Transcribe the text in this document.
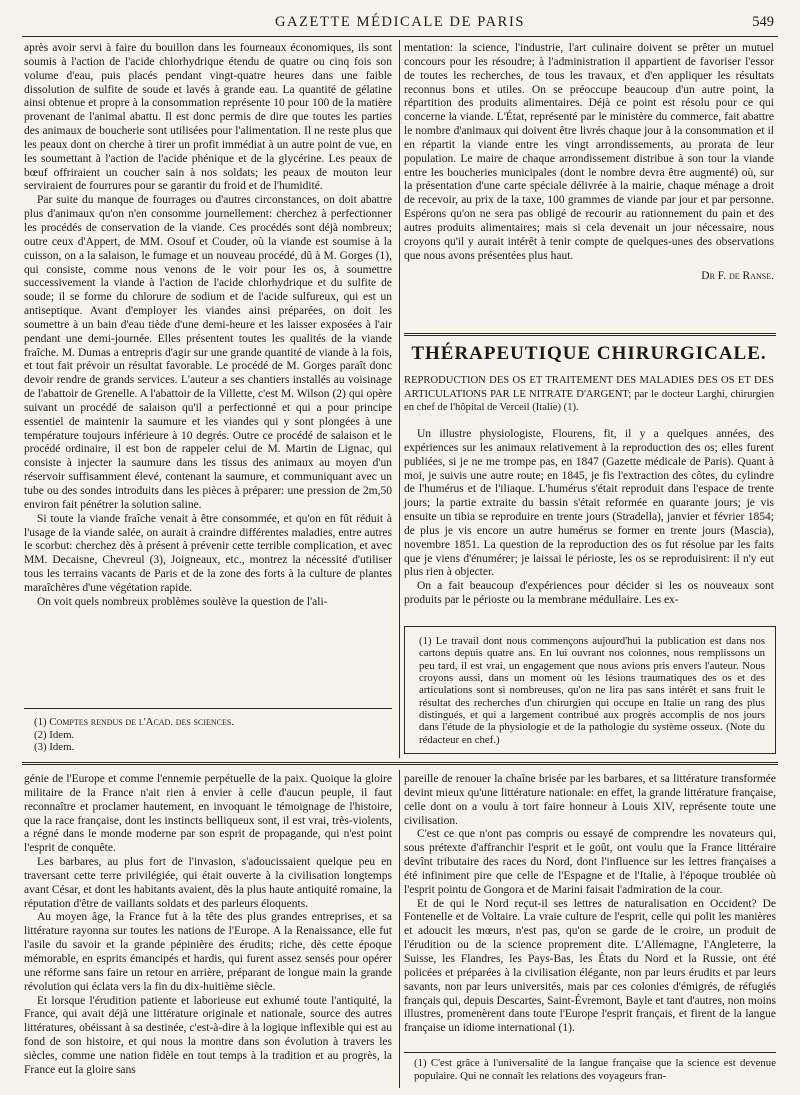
GAZETTE MÉDICALE DE PARIS	549

après avoir servi à faire du bouillon dans les fourneaux économiques, ils sont soumis à l'action de l'acide chlorhydrique étendu de quatre ou cinq fois son volume d'eau, puis placés pendant vingt-quatre heures dans une faible dissolution de sulfite de soude et lavés à grande eau. La quantité de gélatine ainsi obtenue et propre à la consommation représente 10 pour 100 de la matière provenant de l'animal abattu. Il est donc permis de dire que toutes les parties des animaux de boucherie sont utilisées pour l'alimentation. Il ne reste plus que les peaux dont on cherche à tirer un profit immédiat à un autre point de vue, en les soumettant à l'action de l'acide phénique et de la glycérine. Les peaux de bœuf offriraient un coucher sain à nos soldats; les peaux de mouton leur serviraient de fourrures pour se garantir du froid et de l'humidité.

Par suite du manque de fourrages ou d'autres circonstances, on doit abattre plus d'animaux qu'on n'en consomme journellement: cherchez à perfectionner les procédés de conservation de la viande. Ces procédés sont déjà nombreux; outre ceux d'Appert, de MM. Osouf et Couder, où la viande est soumise à la cuisson, on a la salaison, le fumage et un nouveau procédé, dû à M. Gorges (1), qui consiste, comme nous venons de le voir pour les os, à soumettre successivement la viande à l'action de l'acide chlorhydrique et du sulfite de soude; il se forme du chlorure de sodium et de l'acide sulfureux, qui est un antiseptique. Avant d'employer les viandes ainsi préparées, on doit les soumettre à un bain d'eau tiède d'une demi-heure et les laisser exposées à l'air pendant une demi-journée. Elles présentent toutes les qualités de la viande fraîche. M. Dumas a entrepris d'agir sur une grande quantité de viande à la fois, et tout fait prévoir un résultat favorable. Le procédé de M. Gorges paraît donc devoir rendre de grands services. L'auteur a ses chantiers installés au voisinage de l'abattoir de Grenelle. A l'abattoir de la Villette, c'est M. Wilson (2) qui opère suivant un procédé de salaison qu'il a perfectionné et qui a pour principe essentiel de maintenir la saumure et les viandes qui y sont plongées à une température toujours inférieure à 10 degrés. Outre ce procédé de salaison et le procédé ordinaire, il est bon de rappeler celui de M. Martin de Lignac, qui consiste à injecter la saumure dans les tissus des animaux au moyen d'un réservoir suffisamment élevé, contenant la saumure, et communiquant avec un tube ou des sondes introduits dans les pièces à préparer: une pression de 2m,50 environ fait pénétrer la solution saline.

Si toute la viande fraîche venait à être consommée, et qu'on en fût réduit à l'usage de la viande salée, on aurait à craindre différentes maladies, entre autres le scorbut: cherchez dès à présent à prévenir cette terrible complication, et avec MM. Decaisne, Chevreul (3), Joigneaux, etc., montrez la nécessité d'utiliser tous les terrains vacants de Paris et de la zone des forts à la culture de plantes maraîchères d'une végétation rapide.

On voit quels nombreux problèmes soulève la question de l'ali-

(1) Comptes rendus de l'Acad. des sciences.

(2) Idem.

(3) Idem.

mentation: la science, l'industrie, l'art culinaire doivent se prêter un mutuel concours pour les résoudre; à l'administration il appartient de favoriser l'essor de toutes les recherches, de tous les travaux, et d'en appliquer les résultats reconnus bons et utiles. On se préoccupe beaucoup d'un autre point, la répartition des produits alimentaires. Déjà ce point est résolu pour ce qui concerne la viande. L'État, représenté par le ministère du commerce, fait abattre le nombre d'animaux qui doivent être livrés chaque jour à la consommation et il en répartit la viande entre les vingt arrondissements, au prorata de leur population. Le maire de chaque arrondissement distribue à son tour la viande entre les boucheries municipales (dont le nombre devra être augmenté) où, sur la présentation d'une carte spéciale délivrée à la mairie, chaque ménage a droit de recevoir, au prix de la taxe, 100 grammes de viande par jour et par personne. Espérons qu'on ne sera pas obligé de recourir au rationnement du pain et des autres produits alimentaires; mais si cela devenait un jour nécessaire, nous croyons qu'il y aurait intérêt à tenir compte de quelques-unes des observations que nous avons présentées plus haut.

Dr F. de Ranse.

THÉRAPEUTIQUE CHIRURGICALE.
REPRODUCTION DES OS ET TRAITEMENT DES MALADIES DES OS ET DES ARTICULATIONS PAR LE NITRATE D'ARGENT; par le docteur Larghi, chirurgien en chef de l'hôpital de Verceil (Italie) (1).

Un illustre physiologiste, Flourens, fit, il y a quelques années, des expériences sur les animaux relativement à la reproduction des os; elles furent publiées, si je ne me trompe pas, en 1847 (Gazette médicale de Paris). Quant à moi, je suivis une autre route; en 1845, je fis l'extraction des côtes, du cylindre de l'humérus et de l'iliaque. L'humérus s'était reproduit dans l'espace de trente jours; la partie extraite du bassin s'était reformée en quarante jours; je vis ensuite un tibia se reproduire en trente jours (Stradella), janvier et février 1854; de plus je vis encore un autre humérus se former en trente jours (Mascia), novembre 1851. La question de la reproduction des os fut résolue par les faits que je viens d'énumérer; je laissai le périoste, les os se reproduisirent: il n'y eut plus rien à objecter.

On a fait beaucoup d'expériences pour décider si les os nouveaux sont produits par le périoste ou la membrane médullaire. Les ex-

(1) Le travail dont nous commençons aujourd'hui la publication est dans nos cartons depuis quatre ans. En lui ouvrant nos colonnes, nous remplissons un peu tard, il est vrai, un engagement que nous avions pris envers l'auteur. Nous croyons aussi, dans un moment où les lésions traumatiques des os et des articulations sont si nombreuses, qu'on ne lira pas sans intérêt et sans fruit le résultat des recherches d'un chirurgien qui occupe en Italie un rang des plus distingués, et qui a largement contribué aux progrès accomplis de nos jours dans l'étude de la physiologie et de la pathologie du système osseux. (Note du rédacteur en chef.)

génie de l'Europe et comme l'ennemie perpétuelle de la paix. Quoique la gloire militaire de la France n'ait rien à envier à celle d'aucun peuple, il faut reconnaître et proclamer hautement, en invoquant le témoignage de l'histoire, que la race française, dont les instincts belliqueux sont, il est vrai, très-violents, a régné dans le monde moderne par son esprit de propagande, qui n'est point l'esprit de conquête.

Les barbares, au plus fort de l'invasion, s'adoucissaient quelque peu en traversant cette terre privilégiée, qui était ouverte à la civilisation longtemps avant César, et dont les habitants avaient, dès la plus haute antiquité romaine, la réputation d'être de vaillants soldats et des parleurs éloquents.

Au moyen âge, la France fut à la tête des plus grandes entreprises, et sa littérature rayonna sur toutes les nations de l'Europe. A la Renaissance, elle fut l'asile du savoir et la grande pépinière des érudits; riche, dès cette époque mémorable, en esprits émancipés et hardis, qui furent assez sensés pour opérer une réforme sans faire un retour en arrière, préparant de longue main la grande révolution qui éclata vers la fin du dix-huitième siècle.

Et lorsque l'érudition patiente et laborieuse eut exhumé toute l'antiquité, la France, qui avait déjà une littérature originale et nationale, source des autres littératures, obéissant à sa destinée, c'est-à-dire à la logique inflexible qui est au fond de son histoire, et qui nous la montre dans son évolution à travers les siècles, comme une nation fidèle en tout temps à la tradition et au progrès, la France eut la gloire sans

pareille de renouer la chaîne brisée par les barbares, et sa littérature transformée devint mieux qu'une littérature nationale: en effet, la grande littérature française, celle dont on a voulu à tort faire honneur à Louis XIV, représente toute une civilisation.

C'est ce que n'ont pas compris ou essayé de comprendre les novateurs qui, sous prétexte d'affranchir l'esprit et le goût, ont voulu que la France littéraire devînt tributaire des races du Nord, dont l'influence sur les lettres françaises a été infiniment pire que celle de l'Espagne et de l'Italie, à l'époque troublée où l'esprit pointu de Gongora et de Marini faisait l'admiration de la cour.

Et de qui le Nord reçut-il ses lettres de naturalisation en Occident? De Fontenelle et de Voltaire. La vraie culture de l'esprit, celle qui polit les manières et adoucit les mœurs, n'est pas, qu'on se garde de le croire, un produit de l'érudition ou de la science proprement dite. L'Allemagne, l'Angleterre, la Suisse, les Flandres, les Pays-Bas, les États du Nord et la Russie, ont été policées et préparées à la civilisation élégante, non par leurs érudits et par leurs savants, non par leurs universités, mais par ces colonies d'émigrés, de réfugiés français qui, depuis Descartes, Saint-Évremont, Bayle et tant d'autres, non moins illustres, promenèrent dans toute l'Europe l'esprit français, et firent de la langue française un idiome international (1).

(1) C'est grâce à l'universalité de la langue française que la science est devenue populaire. Qui ne connaît les relations des voyageurs fran-
